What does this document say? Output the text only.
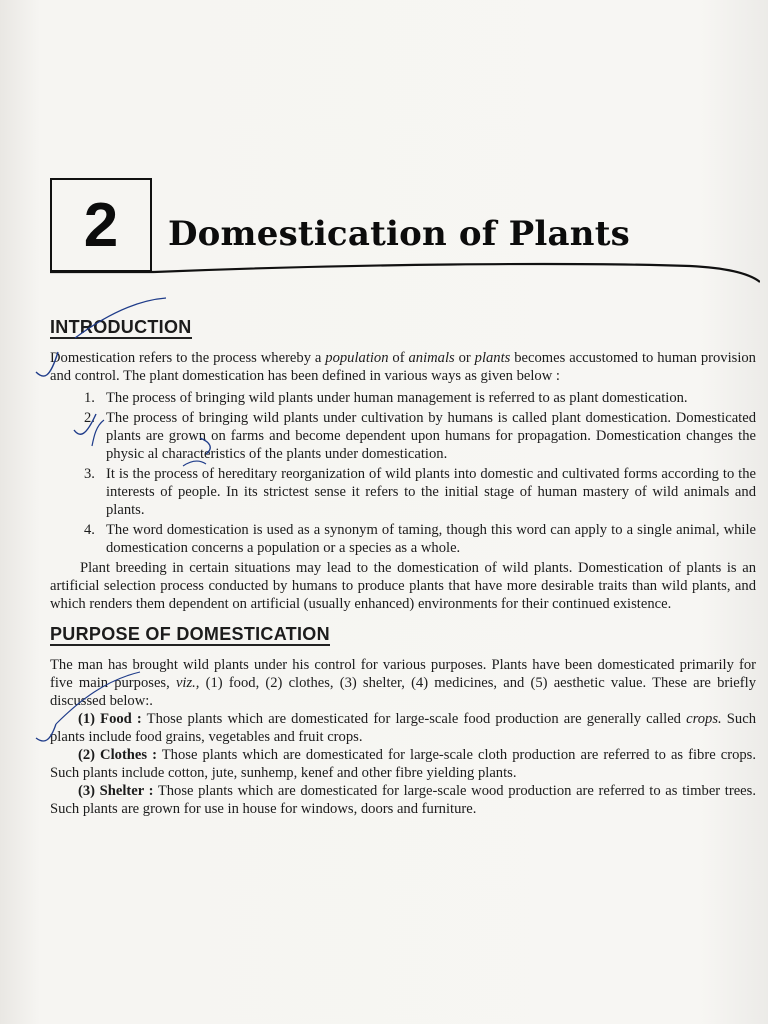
2	Domestication of Plants
INTRODUCTION

Domestication refers to the process whereby a population of animals or plants becomes accustomed to human provision and control. The plant domestication has been defined in various ways as given below :

1. The process of bringing wild plants under human management is referred to as plant domestication.
2. The process of bringing wild plants under cultivation by humans is called plant domestication. Domesticated plants are grown on farms and become dependent upon humans for propagation. Domestication changes the physic al characteristics of the plants under domestication.
3. It is the process of hereditary reorganization of wild plants into domestic and cultivated forms according to the interests of people. In its strictest sense it refers to the initial stage of human mastery of wild animals and plants.
4. The word domestication is used as a synonym of taming, though this word can apply to a single animal, while domestication concerns a population or a species as a whole.

Plant breeding in certain situations may lead to the domestication of wild plants. Domestication of plants is an artificial selection process conducted by humans to produce plants that have more desirable traits than wild plants, and which renders them dependent on artificial (usually enhanced) environments for their continued existence.

PURPOSE OF DOMESTICATION

The man has brought wild plants under his control for various purposes. Plants have been domesticated primarily for five main purposes, viz., (1) food, (2) clothes, (3) shelter, (4) medicines, and (5) aesthetic value. These are briefly discussed below:.

(1) Food : Those plants which are domesticated for large-scale food production are generally called crops. Such plants include food grains, vegetables and fruit crops.

(2) Clothes : Those plants which are domesticated for large-scale cloth production are referred to as fibre crops. Such plants include cotton, jute, sunhemp, kenef and other fibre yielding plants.

(3) Shelter : Those plants which are domesticated for large-scale wood production are referred to as timber trees. Such plants are grown for use in house for windows, doors and furniture.
